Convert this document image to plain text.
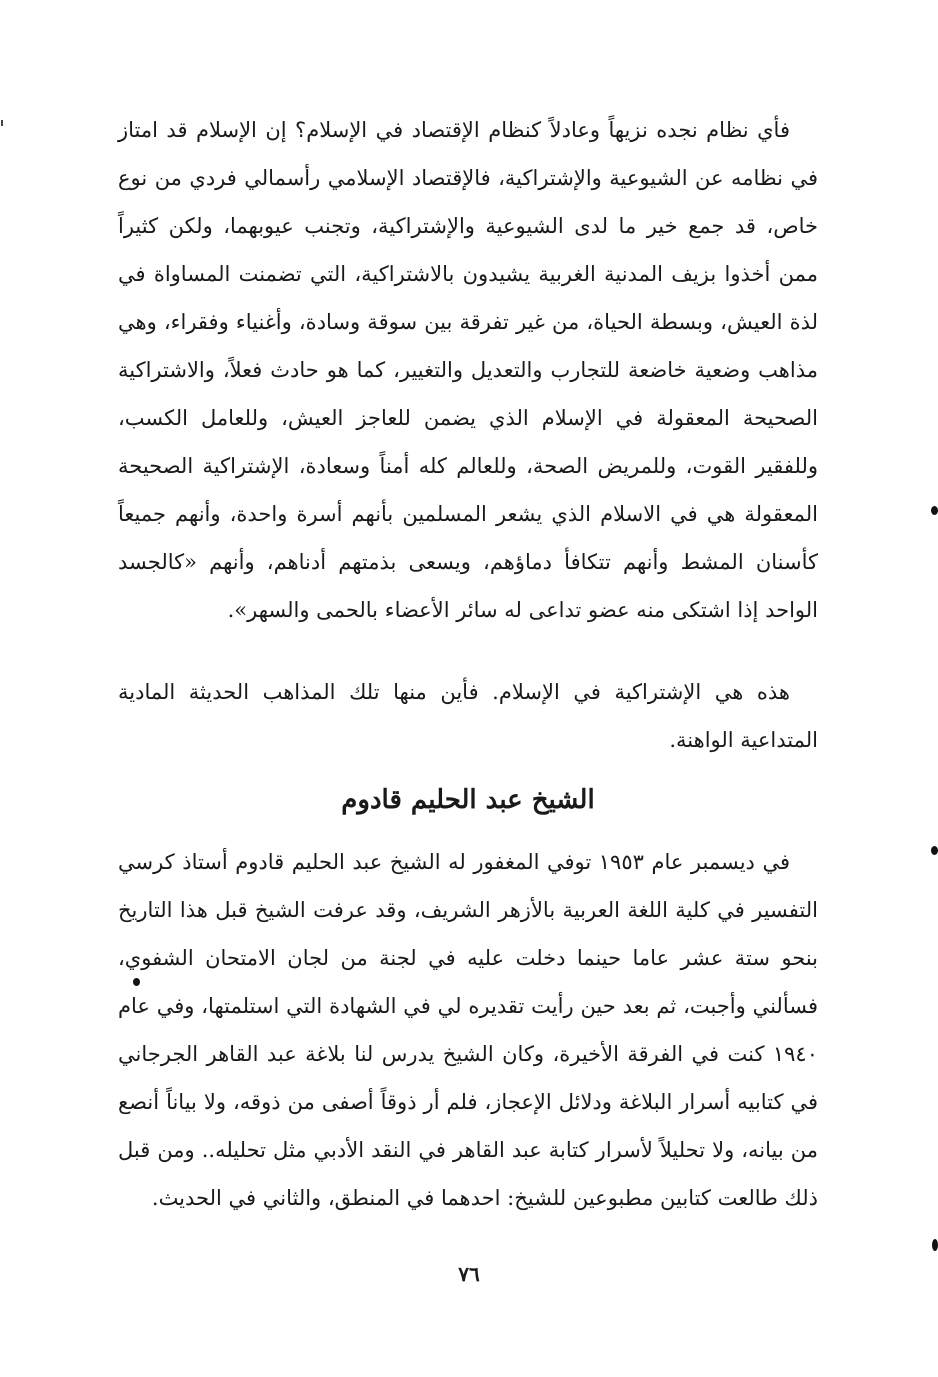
فأي نظام نجده نزيهاً وعادلاً كنظام الإقتصاد في الإسلام؟ إن الإسلام قد امتاز في نظامه عن الشيوعية والإشتراكية، فالإقتصاد الإسلامي رأسمالي فردي من نوع خاص، قد جمع خير ما لدى الشيوعية والإشتراكية، وتجنب عيوبهما، ولكن كثيراً ممن أخذوا بزيف المدنية الغربية يشيدون بالاشتراكية، التي تضمنت المساواة في لذة العيش، وبسطة الحياة، من غير تفرقة بين سوقة وسادة، وأغنياء وفقراء، وهي مذاهب وضعية خاضعة للتجارب والتعديل والتغيير، كما هو حادث فعلاً، والاشتراكية الصحيحة المعقولة في الإسلام الذي يضمن للعاجز العيش، وللعامل الكسب، وللفقير القوت، وللمريض الصحة، وللعالم كله أمناً وسعادة، الإشتراكية الصحيحة المعقولة هي في الاسلام الذي يشعر المسلمين بأنهم أسرة واحدة، وأنهم جميعاً كأسنان المشط وأنهم تتكافأ دماؤهم، ويسعى بذمتهم أدناهم، وأنهم «كالجسد الواحد إذا اشتكى منه عضو تداعى له سائر الأعضاء بالحمى والسهر».

هذه هي الإشتراكية في الإسلام. فأين منها تلك المذاهب الحديثة المادية المتداعية الواهنة.

الشيخ عبد الحليم قادوم

في ديسمبر عام ١٩٥٣ توفي المغفور له الشيخ عبد الحليم قادوم أستاذ كرسي التفسير في كلية اللغة العربية بالأزهر الشريف، وقد عرفت الشيخ قبل هذا التاريخ بنحو ستة عشر عاما حينما دخلت عليه في لجنة من لجان الامتحان الشفوي، فسألني وأجبت، ثم بعد حين رأيت تقديره لي في الشهادة التي استلمتها، وفي عام ١٩٤٠ كنت في الفرقة الأخيرة، وكان الشيخ يدرس لنا بلاغة عبد القاهر الجرجاني في كتابيه أسرار البلاغة ودلائل الإعجاز، فلم أر ذوقاً أصفى من ذوقه، ولا بياناً أنصع من بيانه، ولا تحليلاً لأسرار كتابة عبد القاهر في النقد الأدبي مثل تحليله.. ومن قبل ذلك طالعت كتابين مطبوعين للشيخ: احدهما في المنطق، والثاني في الحديث.

٧٦
